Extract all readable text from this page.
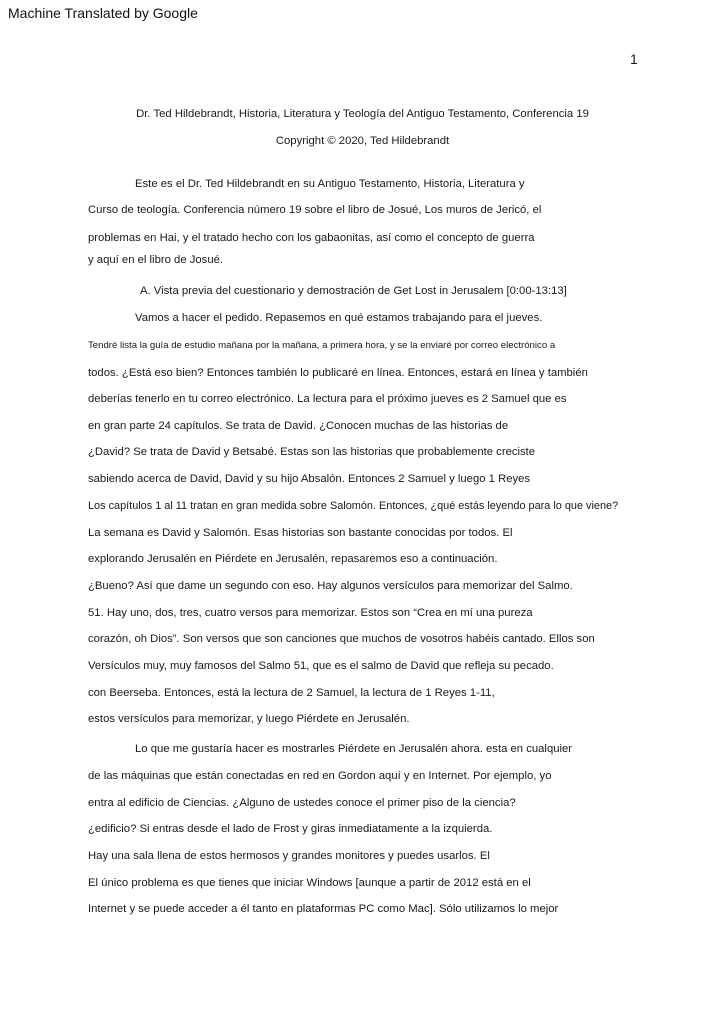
Machine Translated by Google
1
Dr. Ted Hildebrandt, Historia, Literatura y Teología del Antiguo Testamento, Conferencia 19
Copyright © 2020, Ted Hildebrandt
Este es el Dr. Ted Hildebrandt en su Antiguo Testamento, Historia, Literatura y
Curso de teología. Conferencia número 19 sobre el libro de Josué, Los muros de Jericó, el
problemas en Hai, y el tratado hecho con los gabaonitas, así como el concepto de guerra
y aquí en el libro de Josué.
A. Vista previa del cuestionario y demostración de Get Lost in Jerusalem [0:00-13:13]
Vamos a hacer el pedido. Repasemos en qué estamos trabajando para el jueves.
Tendré lista la guía de estudio mañana por la mañana, a primera hora, y se la enviaré por correo electrónico a
todos. ¿Está eso bien? Entonces también lo publicaré en línea. Entonces, estará en línea y también
deberías tenerlo en tu correo electrónico. La lectura para el próximo jueves es 2 Samuel que es
en gran parte 24 capítulos. Se trata de David. ¿Conocen muchas de las historias de
¿David? Se trata de David y Betsabé. Estas son las historias que probablemente creciste
sabiendo acerca de David, David y su hijo Absalón. Entonces 2 Samuel y luego 1 Reyes
Los capítulos 1 al 11 tratan en gran medida sobre Salomón. Entonces, ¿qué estás leyendo para lo que viene?
La semana es David y Salomón. Esas historias son bastante conocidas por todos. El
explorando Jerusalén en Piérdete en Jerusalén, repasaremos eso a continuación.
¿Bueno? Así que dame un segundo con eso. Hay algunos versículos para memorizar del Salmo.
51. Hay uno, dos, tres, cuatro versos para memorizar. Estos son “Crea en mí una pureza
corazón, oh Dios”. Son versos que son canciones que muchos de vosotros habéis cantado. Ellos son
Versículos muy, muy famosos del Salmo 51, que es el salmo de David que refleja su pecado.
con Beerseba. Entonces, está la lectura de 2 Samuel, la lectura de 1 Reyes 1-11,
estos versículos para memorizar, y luego Piérdete en Jerusalén.
Lo que me gustaría hacer es mostrarles Piérdete en Jerusalén ahora. esta en cualquier
de las máquinas que están conectadas en red en Gordon aquí y en Internet. Por ejemplo, yo
entra al edificio de Ciencias. ¿Alguno de ustedes conoce el primer piso de la ciencia?
¿edificio? Si entras desde el lado de Frost y giras inmediatamente a la izquierda.
Hay una sala llena de estos hermosos y grandes monitores y puedes usarlos. El
El único problema es que tienes que iniciar Windows [aunque a partir de 2012 está en el
Internet y se puede acceder a él tanto en plataformas PC como Mac]. Sólo utilizamos lo mejor
